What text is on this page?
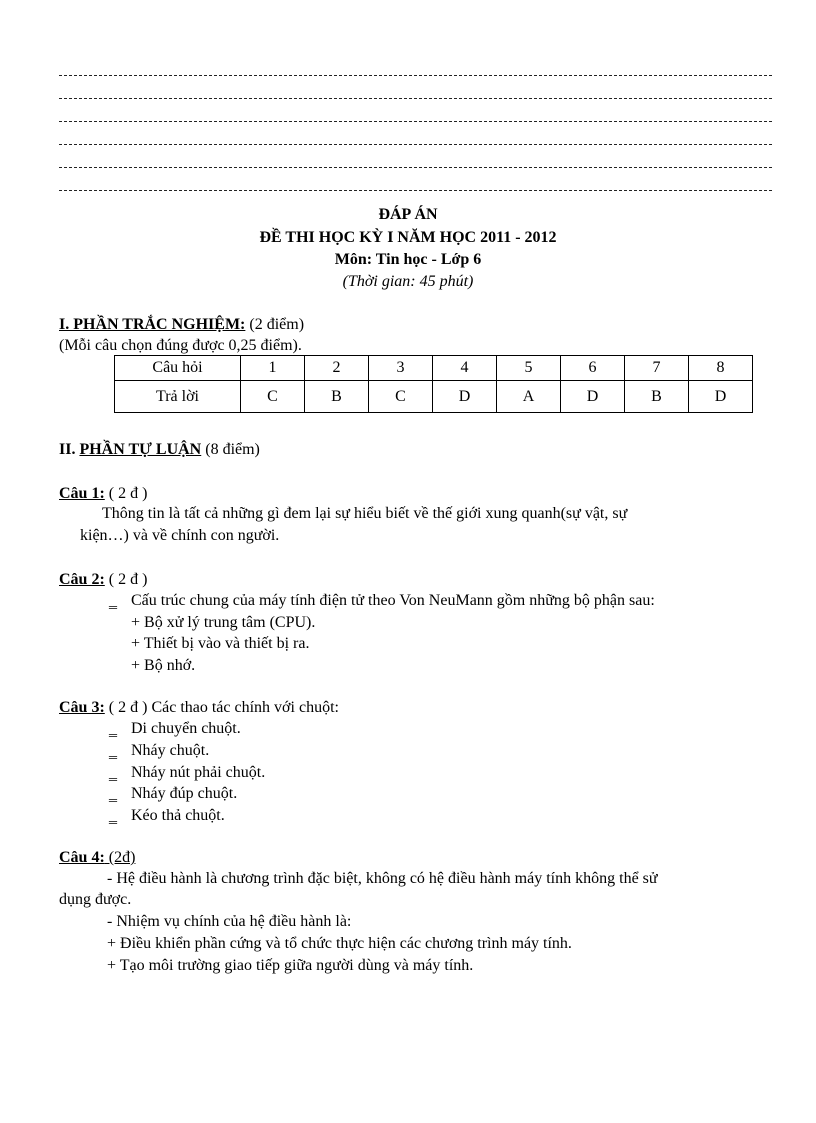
ĐÁP ÁN
ĐỀ THI HỌC KỲ I NĂM HỌC 2011 - 2012
Môn: Tin học - Lớp 6
(Thời gian: 45 phút)
I. PHẦN TRẮC NGHIỆM: (2 điểm)
(Mỗi câu chọn đúng được 0,25 điểm).
Câu hỏi	1	2	3	4	5	6	7	8
Trả lời	C	B	C	D	A	D	B	D
II. PHẦN TỰ LUẬN (8 điểm)
Câu 1: ( 2 đ )
Thông tin là tất cả những gì đem lại sự hiểu biết về thế giới xung quanh(sự vật, sự
kiện…) và về chính con người.
Câu 2: ( 2 đ )
‗ Cấu trúc chung của máy tính điện tử theo Von NeuMann gồm những bộ phận sau:
+ Bộ xử lý trung tâm (CPU).
+ Thiết bị vào và thiết bị ra.
+ Bộ nhớ.
Câu 3: ( 2 đ ) Các thao tác chính với chuột:
‗ Di chuyển chuột.
‗ Nháy chuột.
‗ Nháy nút phải chuột.
‗ Nháy đúp chuột.
‗ Kéo thả chuột.
Câu 4: (2đ)
- Hệ điều hành là chương trình đặc biệt, không có hệ điều hành máy tính không thể sử
dụng được.
- Nhiệm vụ chính của hệ điều hành là:
+ Điều khiển phần cứng và tổ chức thực hiện các chương trình máy tính.
+ Tạo môi trường giao tiếp giữa người dùng và máy tính.
